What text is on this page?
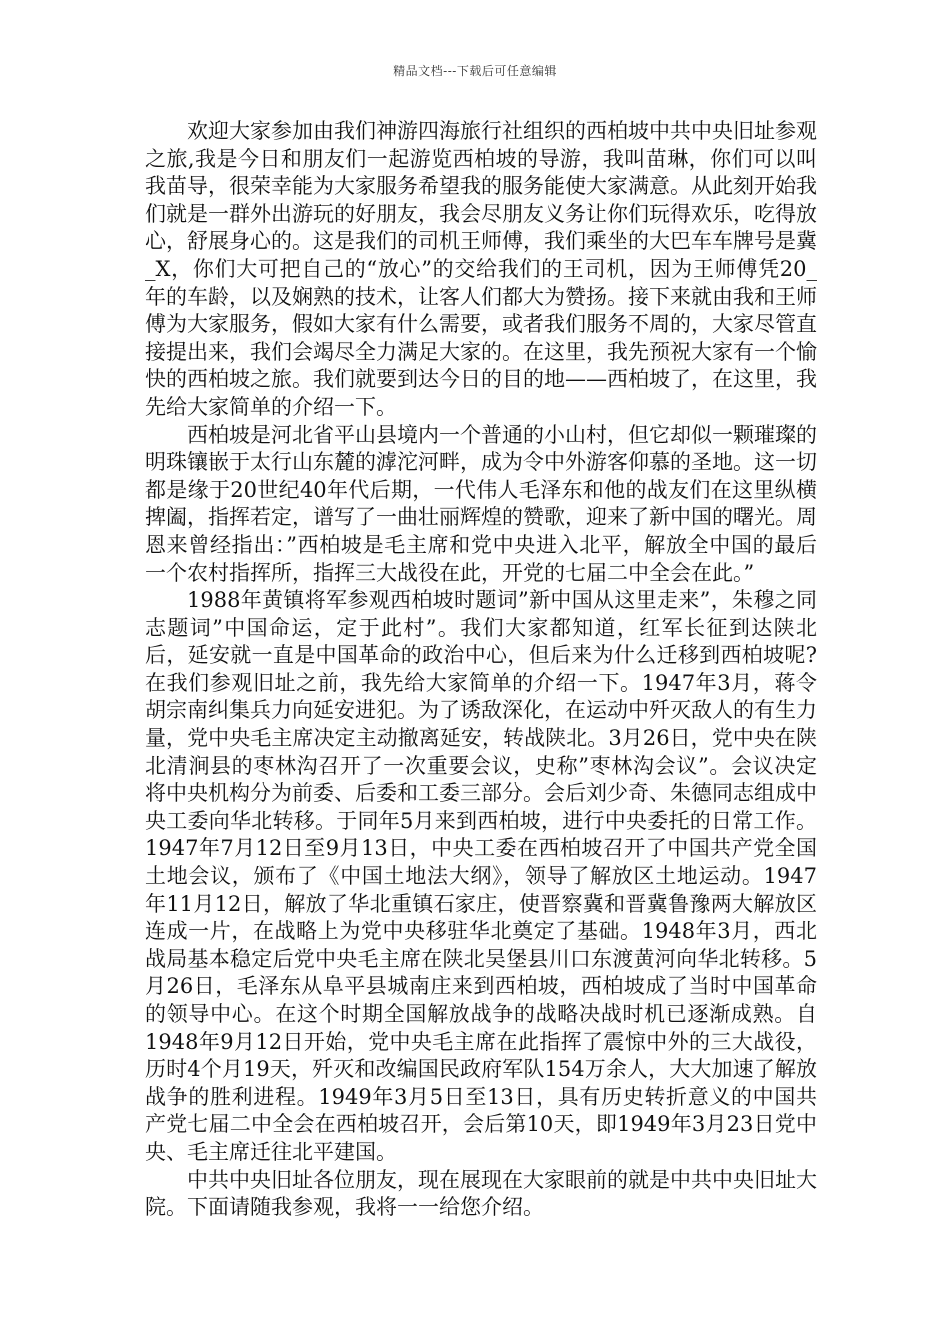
精品文档---下载后可任意编辑

欢迎大家参加由我们神游四海旅行社组织的西柏坡中共中央旧址参观之旅,我是今日和朋友们一起游览西柏坡的导游，我叫苗琳，你们可以叫我苗导，很荣幸能为大家服务希望我的服务能使大家满意。从此刻开始我们就是一群外出游玩的好朋友，我会尽朋友义务让你们玩得欢乐，吃得放心，舒展身心的。这是我们的司机王师傅，我们乘坐的大巴车车牌号是冀_X，你们大可把自己的“放心”的交给我们的王司机，因为王师傅凭20_年的车龄，以及娴熟的技术，让客人们都大为赞扬。接下来就由我和王师傅为大家服务，假如大家有什么需要，或者我们服务不周的，大家尽管直接提出来，我们会竭尽全力满足大家的。在这里，我先预祝大家有一个愉快的西柏坡之旅。我们就要到达今日的目的地——西柏坡了，在这里，我先给大家简单的介绍一下。

西柏坡是河北省平山县境内一个普通的小山村，但它却似一颗璀璨的明珠镶嵌于太行山东麓的滹沱河畔，成为令中外游客仰慕的圣地。这一切都是缘于20世纪40年代后期，一代伟人毛泽东和他的战友们在这里纵横捭阖，指挥若定，谱写了一曲壮丽辉煌的赞歌，迎来了新中国的曙光。周恩来曾经指出：”西柏坡是毛主席和党中央进入北平，解放全中国的最后一个农村指挥所，指挥三大战役在此，开党的七届二中全会在此。”

1988年黄镇将军参观西柏坡时题词”新中国从这里走来”，朱穆之同志题词”中国命运，定于此村”。我们大家都知道，红军长征到达陕北后，延安就一直是中国革命的政治中心，但后来为什么迁移到西柏坡呢?在我们参观旧址之前，我先给大家简单的介绍一下。1947年3月，蒋令胡宗南纠集兵力向延安进犯。为了诱敌深化，在运动中歼灭敌人的有生力量，党中央毛主席决定主动撤离延安，转战陕北。3月26日，党中央在陕北清涧县的枣林沟召开了一次重要会议，史称”枣林沟会议”。会议决定将中央机构分为前委、后委和工委三部分。会后刘少奇、朱德同志组成中央工委向华北转移。于同年5月来到西柏坡，进行中央委托的日常工作。1947年7月12日至9月13日，中央工委在西柏坡召开了中国共产党全国土地会议，颁布了《中国土地法大纲》，领导了解放区土地运动。1947年11月12日，解放了华北重镇石家庄，使晋察冀和晋冀鲁豫两大解放区连成一片，在战略上为党中央移驻华北奠定了基础。1948年3月，西北战局基本稳定后党中央毛主席在陕北吴堡县川口东渡黄河向华北转移。5月26日，毛泽东从阜平县城南庄来到西柏坡，西柏坡成了当时中国革命的领导中心。在这个时期全国解放战争的战略决战时机已逐渐成熟。自1948年9月12日开始，党中央毛主席在此指挥了震惊中外的三大战役，历时4个月19天，歼灭和改编国民政府军队154万余人，大大加速了解放战争的胜利进程。1949年3月5日至13日，具有历史转折意义的中国共产党七届二中全会在西柏坡召开，会后第10天，即1949年3月23日党中央、毛主席迁往北平建国。

中共中央旧址各位朋友，现在展现在大家眼前的就是中共中央旧址大院。下面请随我参观，我将一一给您介绍。
